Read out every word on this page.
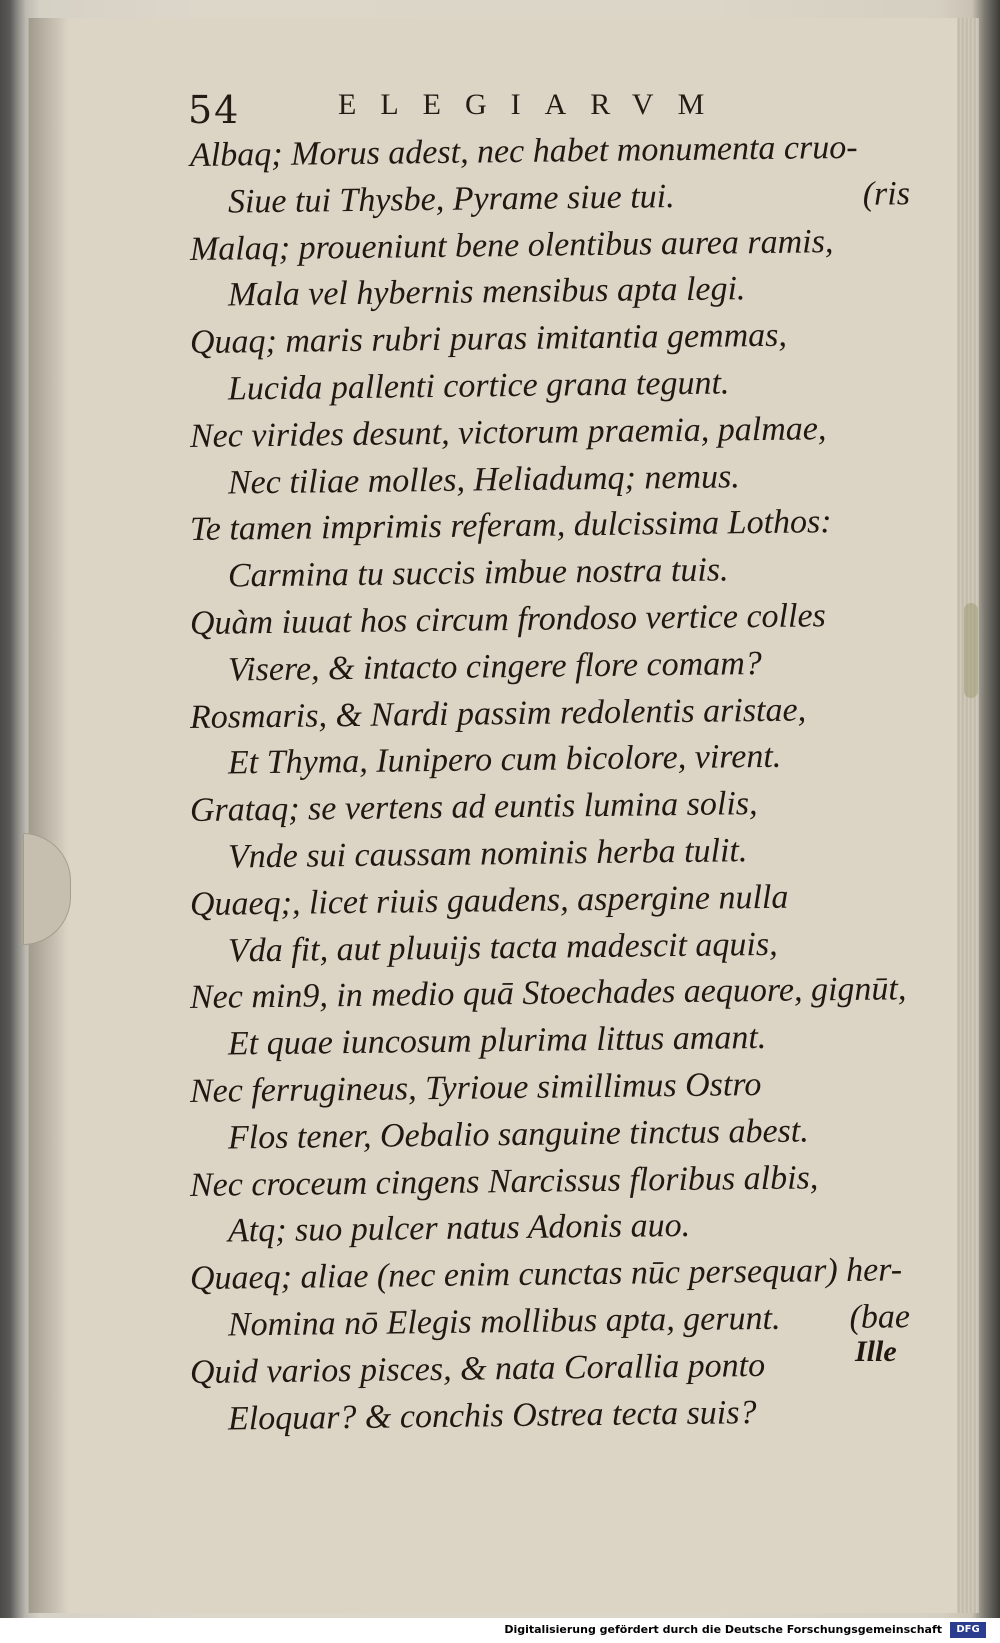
54	ELEGIARVM
Albaq; Morus adest, nec habet monumenta cruo-
Siue tui Thysbe, Pyrame siue tui.	(ris
Malaq; proueniunt bene olentibus aurea ramis,
Mala vel hybernis mensibus apta legi.
Quaq; maris rubri puras imitantia gemmas,
Lucida pallenti cortice grana tegunt.
Nec virides desunt, victorum praemia, palmae,
Nec tiliae molles, Heliadumq; nemus.
Te tamen imprimis referam, dulcissima Lothos:
Carmina tu succis imbue nostra tuis.
Quàm iuuat hos circum frondoso vertice colles
Visere, & intacto cingere flore comam?
Rosmaris, & Nardi passim redolentis aristae,
Et Thyma, Iunipero cum bicolore, virent.
Grataq; se vertens ad euntis lumina solis,
Vnde sui caussam nominis herba tulit.
Quaeq;, licet riuis gaudens, aspergine nulla
Vda fit, aut pluuijs tacta madescit aquis,
Nec min9, in medio quā Stoechades aequore, gignūt,
Et quae iuncosum plurima littus amant.
Nec ferrugineus, Tyrioue simillimus Ostro
Flos tener, Oebalio sanguine tinctus abest.
Nec croceum cingens Narcissus floribus albis,
Atq; suo pulcer natus Adonis auo.
Quaeq; aliae (nec enim cunctas nūc persequar) her-
Nomina nō Elegis mollibus apta, gerunt. (bae
Quid varios pisces, & nata Corallia ponto
Eloquar? & conchis Ostrea tecta suis?
Ille
Digitalisierung gefördert durch die Deutsche Forschungsgemeinschaft	DFG
